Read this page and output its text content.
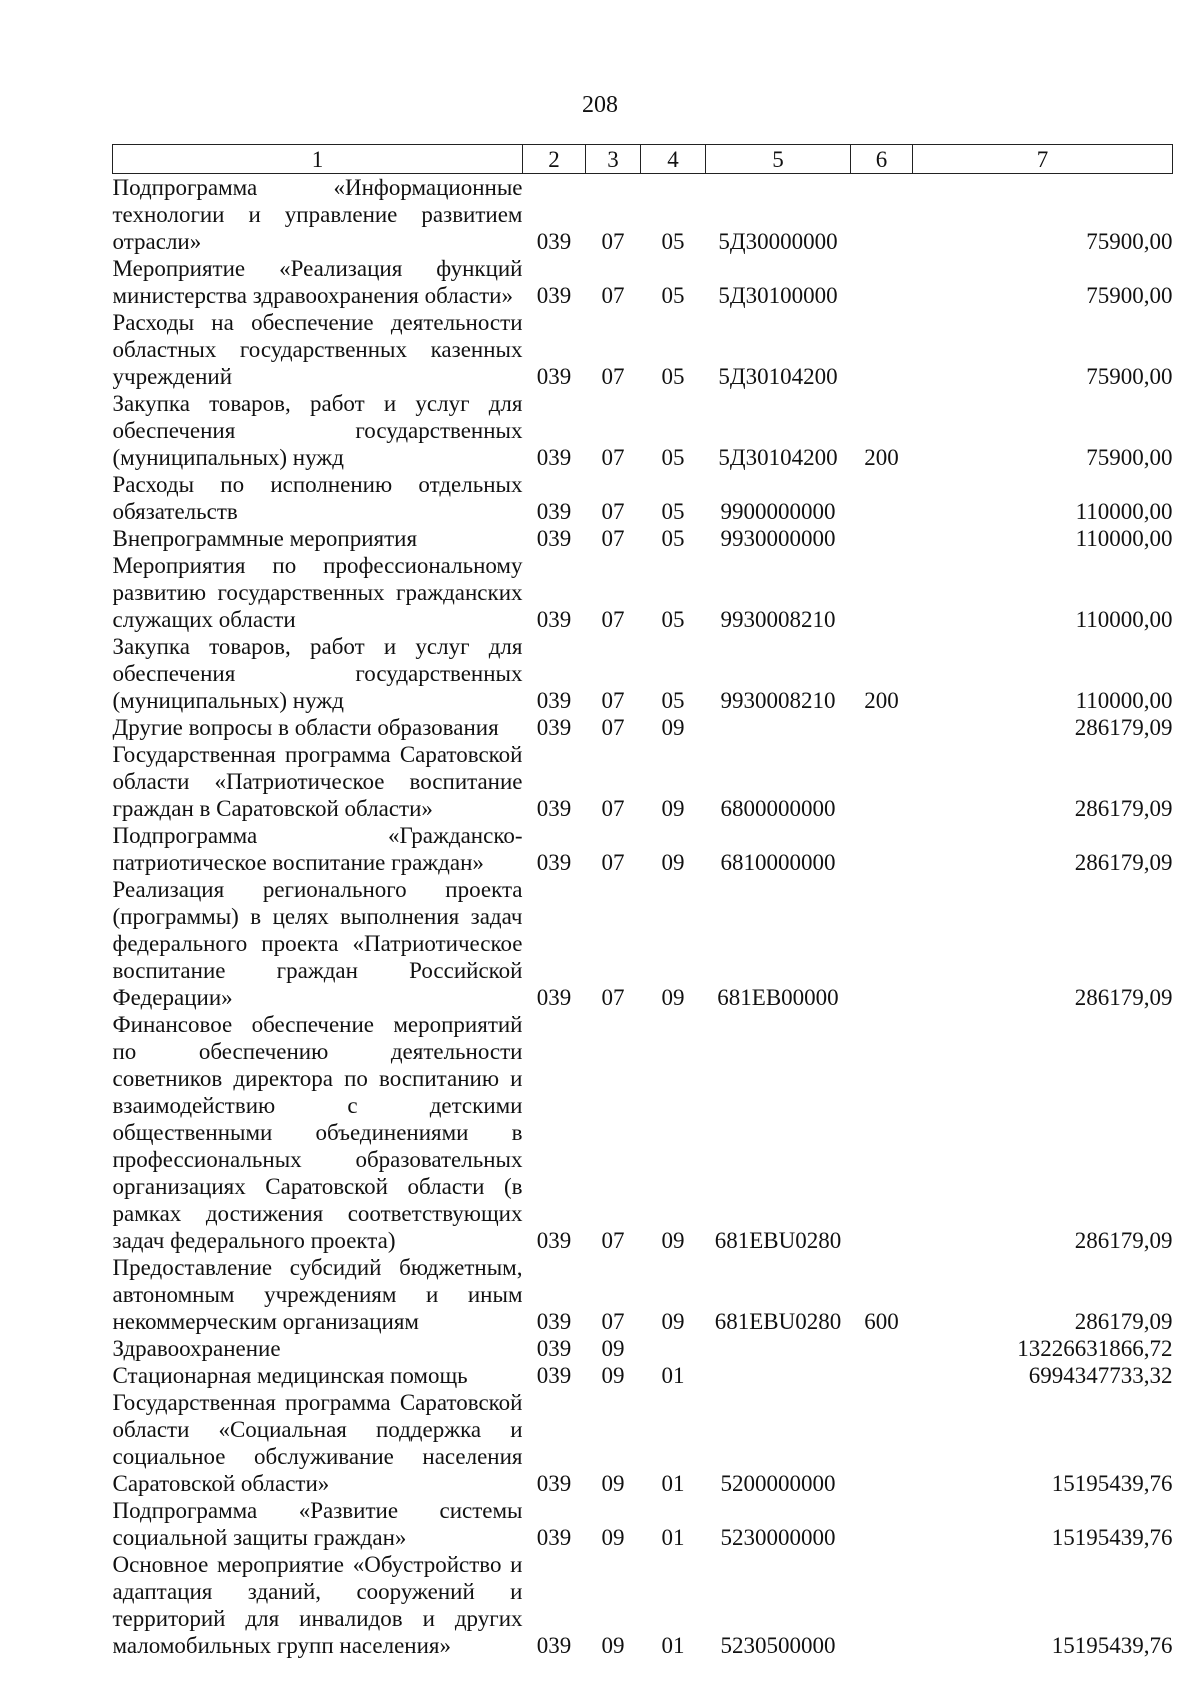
208
1	2	3	4	5	6	7
Подпрограмма «Информационные технологии и управление развитием отрасли»	039	07	05	5Д30000000		75900,00
Мероприятие «Реализация функций министерства здравоохранения области»	039	07	05	5Д30100000		75900,00
Расходы на обеспечение деятельности областных государственных казенных учреждений	039	07	05	5Д30104200		75900,00
Закупка товаров, работ и услуг для обеспечения государственных (муниципальных) нужд	039	07	05	5Д30104200	200	75900,00
Расходы по исполнению отдельных обязательств	039	07	05	9900000000		110000,00
Внепрограммные мероприятия	039	07	05	9930000000		110000,00
Мероприятия по профессиональному развитию государственных гражданских служащих области	039	07	05	9930008210		110000,00
Закупка товаров, работ и услуг для обеспечения государственных (муниципальных) нужд	039	07	05	9930008210	200	110000,00
Другие вопросы в области образования	039	07	09			286179,09
Государственная программа Саратовской области «Патриотическое воспитание граждан в Саратовской области»	039	07	09	6800000000		286179,09
Подпрограмма «Гражданско-патриотическое воспитание граждан»	039	07	09	6810000000		286179,09
Реализация регионального проекта (программы) в целях выполнения задач федерального проекта «Патриотическое воспитание граждан Российской Федерации»	039	07	09	681EB00000		286179,09
Финансовое обеспечение мероприятий по обеспечению деятельности советников директора по воспитанию и взаимодействию с детскими общественными объединениями в профессиональных образовательных организациях Саратовской области (в рамках достижения соответствующих задач федерального проекта)	039	07	09	681EBU0280		286179,09
Предоставление субсидий бюджетным, автономным учреждениям и иным некоммерческим организациям	039	07	09	681EBU0280	600	286179,09
Здравоохранение	039	09				13226631866,72
Стационарная медицинская помощь	039	09	01			6994347733,32
Государственная программа Саратовской области «Социальная поддержка и социальное обслуживание населения Саратовской области»	039	09	01	5200000000		15195439,76
Подпрограмма «Развитие системы социальной защиты граждан»	039	09	01	5230000000		15195439,76
Основное мероприятие «Обустройство и адаптация зданий, сооружений и территорий для инвалидов и других маломобильных групп населения»	039	09	01	5230500000		15195439,76
